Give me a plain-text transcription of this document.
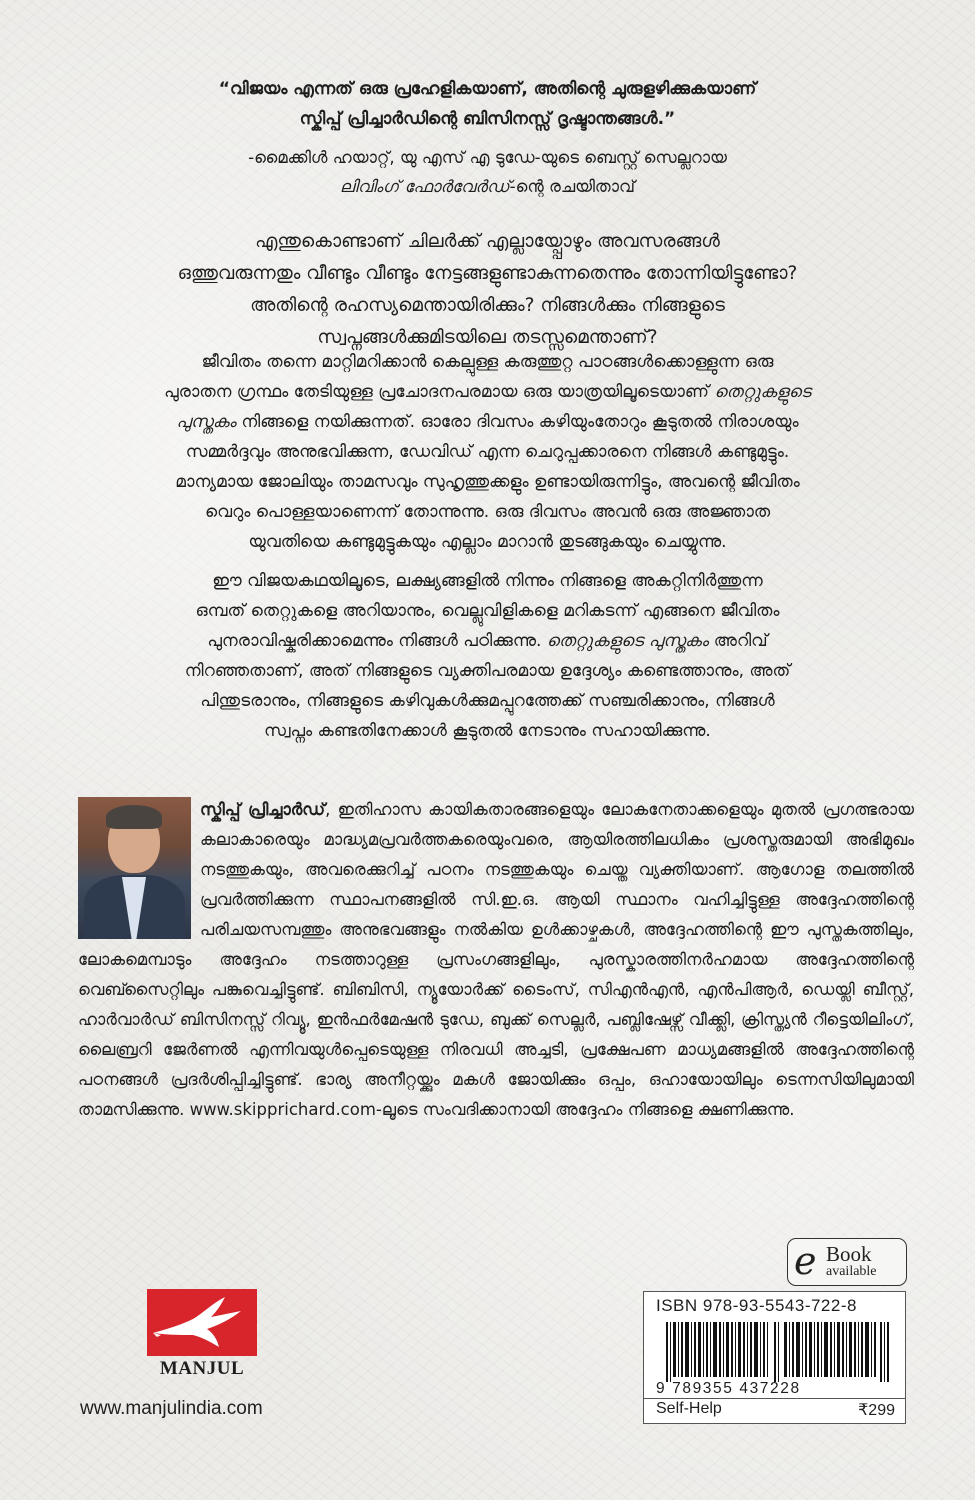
“വിജയം എന്നത് ഒരു പ്രഹേളികയാണ്, അതിന്റെ ചുരുളഴിക്കുകയാണ്
സ്കിപ്പ് പ്രിച്ചാർഡിന്റെ ബിസിനസ്സ് ദൃഷ്ടാന്തങ്ങൾ.”
-മൈക്കിൾ ഹയാറ്റ്, യു എസ് എ ടുഡേ-യുടെ ബെസ്റ്റ് സെല്ലറായ
ലിവിംഗ് ഫോർവേർഡ്-ന്റെ രചയിതാവ്
എന്തുകൊണ്ടാണ് ചിലർക്ക് എല്ലായ്പ്പോഴും അവസരങ്ങൾ
ഒത്തുവരുന്നതും വീണ്ടും വീണ്ടും നേട്ടങ്ങളുണ്ടാകുന്നതെന്നും തോന്നിയിട്ടുണ്ടോ?
അതിന്റെ രഹസ്യമെന്തായിരിക്കും? നിങ്ങൾക്കും നിങ്ങളുടെ
സ്വപ്നങ്ങൾക്കുമിടയിലെ തടസ്സമെന്താണ്?
ജീവിതം തന്നെ മാറ്റിമറിക്കാൻ കെല്പുള്ള കരുത്തുറ്റ പാഠങ്ങൾക്കൊള്ളുന്ന ഒരു
പുരാതന ഗ്രന്ഥം തേടിയുള്ള പ്രചോദനപരമായ ഒരു യാത്രയിലൂടെയാണ് തെറ്റുകളുടെ
പുസ്തകം നിങ്ങളെ നയിക്കുന്നത്. ഓരോ ദിവസം കഴിയുംതോറും കൂടുതൽ നിരാശയും
സമ്മർദ്ദവും അനുഭവിക്കുന്ന, ഡേവിഡ് എന്ന ചെറുപ്പക്കാരനെ നിങ്ങൾ കണ്ടുമുട്ടും.
മാന്യമായ ജോലിയും താമസവും സുഹൃത്തുക്കളും ഉണ്ടായിരുന്നിട്ടും, അവന്റെ ജീവിതം
വെറും പൊള്ളയാണെന്ന് തോന്നുന്നു. ഒരു ദിവസം അവൻ ഒരു അജ്ഞാത
യുവതിയെ കണ്ടുമുട്ടുകയും എല്ലാം മാറാൻ തുടങ്ങുകയും ചെയ്യുന്നു.
ഈ വിജയകഥയിലൂടെ, ലക്ഷ്യങ്ങളിൽ നിന്നും നിങ്ങളെ അകറ്റിനിർത്തുന്ന
ഒമ്പത് തെറ്റുകളെ അറിയാനും, വെല്ലുവിളികളെ മറികടന്ന് എങ്ങനെ ജീവിതം
പുനരാവിഷ്കരിക്കാമെന്നും നിങ്ങൾ പഠിക്കുന്നു. തെറ്റുകളുടെ പുസ്തകം അറിവ്
നിറഞ്ഞതാണ്, അത് നിങ്ങളുടെ വ്യക്തിപരമായ ഉദ്ദേശ്യം കണ്ടെത്താനും, അത്
പിന്തുടരാനും, നിങ്ങളുടെ കഴിവുകൾക്കുമപ്പുറത്തേക്ക് സഞ്ചരിക്കാനും, നിങ്ങൾ
സ്വപ്നം കണ്ടതിനേക്കാൾ കൂടുതൽ നേടാനും സഹായിക്കുന്നു.
സ്കിപ്പ് പ്രിച്ചാർഡ്, ഇതിഹാസ കായികതാരങ്ങളെയും ലോകനേതാക്കളെയും മുതൽ പ്രഗത്ഭരായ കലാകാരെയും മാദ്ധ്യമപ്രവർത്തകരെയുംവരെ, ആയിരത്തിലധികം പ്രശസ്തരുമായി അഭിമുഖം നടത്തുകയും, അവരെക്കുറിച്ച് പഠനം നടത്തുകയും ചെയ്ത വ്യക്തിയാണ്. ആഗോള തലത്തിൽ പ്രവർത്തിക്കുന്ന സ്ഥാപനങ്ങളിൽ സി.ഇ.ഒ. ആയി സ്ഥാനം വഹിച്ചിട്ടുള്ള അദ്ദേഹത്തിന്റെ പരിചയസമ്പത്തും അനുഭവങ്ങളും നൽകിയ ഉൾക്കാഴ്ചകൾ, അദ്ദേഹത്തിന്റെ ഈ പുസ്തകത്തിലും, ലോകമെമ്പാടും അദ്ദേഹം നടത്താറുള്ള പ്രസംഗങ്ങളിലും, പുരസ്കാരത്തിനർഹമായ അദ്ദേഹത്തിന്റെ വെബ്സൈറ്റിലും പങ്കുവെച്ചിട്ടുണ്ട്. ബിബിസി, ന്യൂയോർക്ക് ടൈംസ്, സിഎൻഎൻ, എൻപിആർ, ഡെയ്ലി ബീസ്റ്റ്, ഹാർവാർഡ് ബിസിനസ്സ് റിവ്യൂ, ഇൻഫർമേഷൻ ടുഡേ, ബുക്ക് സെല്ലർ, പബ്ലിഷേഴ്സ് വീക്ക്ലി, ക്രിസ്ത്യൻ റീട്ടെയിലിംഗ്, ലൈബ്രറി ജേർണൽ എന്നിവയുൾപ്പെടെയുള്ള നിരവധി അച്ചടി, പ്രക്ഷേപണ മാധ്യമങ്ങളിൽ അദ്ദേഹത്തിന്റെ പഠനങ്ങൾ പ്രദർശിപ്പിച്ചിട്ടുണ്ട്. ഭാര്യ അനീറ്റയ്ക്കും മകൾ ജോയിക്കും ഒപ്പം, ഒഹായോയിലും ടെന്നസിയിലുമായി താമസിക്കുന്നു. www.skipprichard.com-ലൂടെ സംവദിക്കാനായി അദ്ദേഹം നിങ്ങളെ ക്ഷണിക്കുന്നു.
e Book
available
ISBN 978-93-5543-722-8
9 789355 437228
Self-Help	₹299
MANJUL
www.manjulindia.com
